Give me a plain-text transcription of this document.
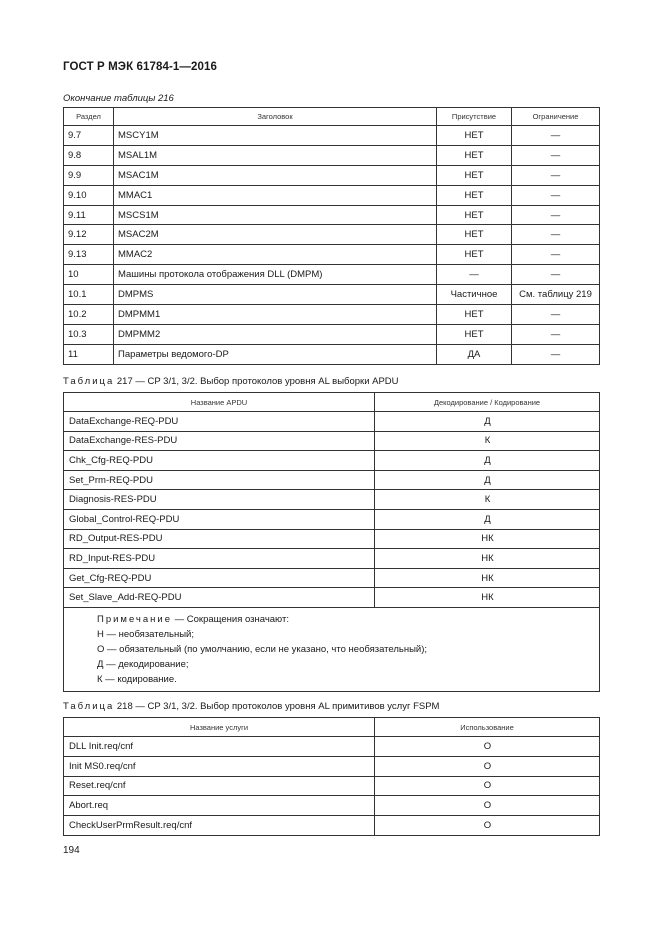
ГОСТ Р МЭК 61784-1—2016
Окончание таблицы 216
Раздел	Заголовок	Присутствие	Ограничение
9.7	MSCY1M	НЕТ	—
9.8	MSAL1M	НЕТ	—
9.9	MSAC1M	НЕТ	—
9.10	MMAC1	НЕТ	—
9.11	MSCS1M	НЕТ	—
9.12	MSAC2M	НЕТ	—
9.13	MMAC2	НЕТ	—
10	Машины протокола отображения DLL (DMPM)	—	—
10.1	DMPMS	Частичное	См. таблицу 219
10.2	DMPMM1	НЕТ	—
10.3	DMPMM2	НЕТ	—
11	Параметры ведомого-DP	ДА	—
Таблица 217 — CP 3/1, 3/2. Выбор протоколов уровня AL выборки APDU
Название APDU	Декодирование / Кодирование
DataExchange-REQ-PDU	Д
DataExchange-RES-PDU	К
Chk_Cfg-REQ-PDU	Д
Set_Prm-REQ-PDU	Д
Diagnosis-RES-PDU	К
Global_Control-REQ-PDU	Д
RD_Output-RES-PDU	НК
RD_Input-RES-PDU	НК
Get_Cfg-REQ-PDU	НК
Set_Slave_Add-REQ-PDU	НК

Примечание — Сокращения означают:
Н — необязательный;
О — обязательный (по умолчанию, если не указано, что необязательный);
Д — декодирование;
К — кодирование.	
Таблица 218 — CP 3/1, 3/2. Выбор протоколов уровня AL примитивов услуг FSPM
Название услуги	Использование
DLL Init.req/cnf	О
Init MS0.req/cnf	О
Reset.req/cnf	О
Abort.req	О
CheckUserPrmResult.req/cnf	О
194
